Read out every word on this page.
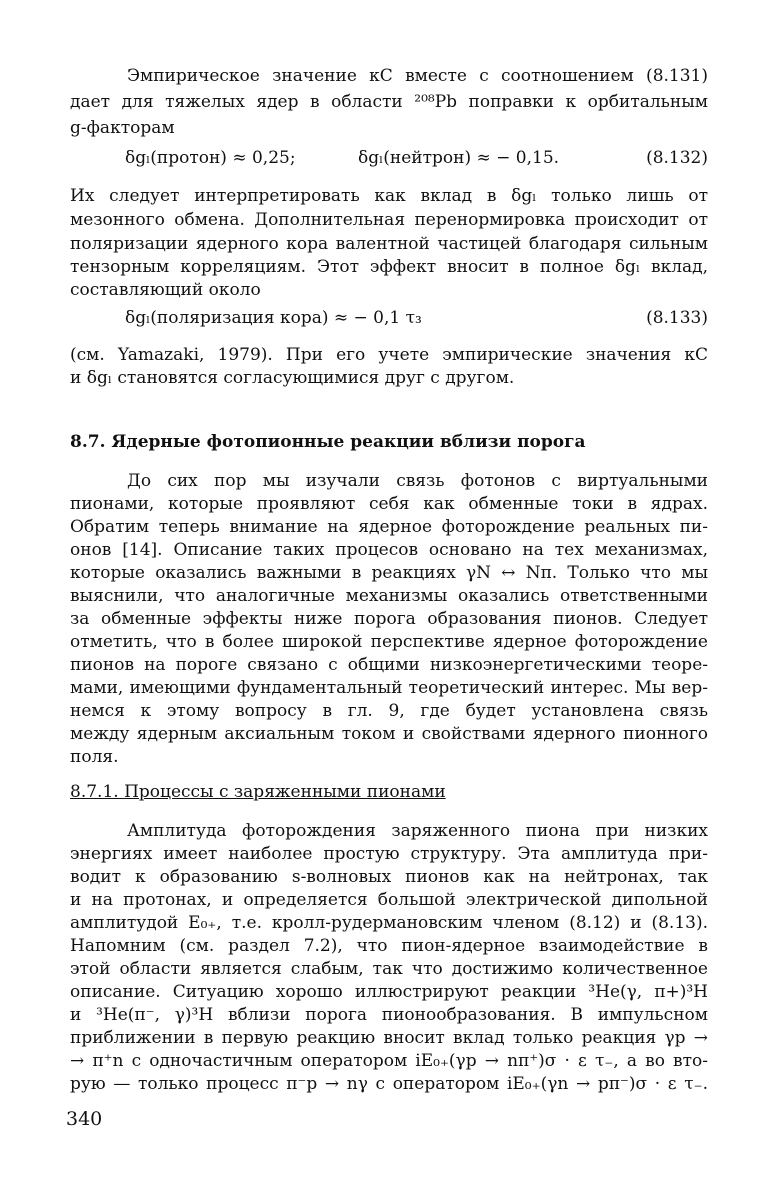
Эмпирическое значение κC вместе с соотношением (8.131)
дает для тяжелых ядер в области ²⁰⁸Pb поправки к орбитальным
g-факторам
δgₗ(протон) ≈ 0,25;	δgₗ(нейтрон) ≈ − 0,15.	(8.132)
Их следует интерпретировать как вклад в δgₗ только лишь от
мезонного обмена. Дополнительная перенормировка происходит от
поляризации ядерного кора валентной частицей благодаря сильным
тензорным корреляциям. Этот эффект вносит в полное δgₗ вклад,
составляющий около
δgₗ(поляризация кора) ≈ − 0,1 τ₃	(8.133)
(см. Yamazaki, 1979). При его учете эмпирические значения κC
и δgₗ становятся согласующимися друг с другом.
8.7. Ядерные фотопионные реакции вблизи порога
До сих пор мы изучали связь фотонов с виртуальными
пионами, которые проявляют себя как обменные токи в ядрах.
Обратим теперь внимание на ядерное фоторождение реальных пи-
онов [14]. Описание таких процесов основано на тех механизмах,
которые оказались важными в реакциях γN ↔ Nπ. Только что мы
выяснили, что аналогичные механизмы оказались ответственными
за обменные эффекты ниже порога образования пионов. Следует
отметить, что в более широкой перспективе ядерное фоторождение
пионов на пороге связано с общими низкоэнергетическими теоре-
мами, имеющими фундаментальный теоретический интерес. Мы вер-
немся к этому вопросу в гл. 9, где будет установлена связь
между ядерным аксиальным током и свойствами ядерного пионного
поля.
8.7.1. Процессы с заряженными пионами
Амплитуда фоторождения заряженного пиона при низких
энергиях имеет наиболее простую структуру. Эта амплитуда при-
водит к образованию s-волновых пионов как на нейтронах, так
и на протонах, и определяется большой электрической дипольной
амплитудой E₀₊, т.е. кролл-рудермановским членом (8.12) и (8.13).
Напомним (см. раздел 7.2), что пион-ядерное взаимодействие в
этой области является слабым, так что достижимо количественное
описание. Ситуацию хорошо иллюстрируют реакции ³He(γ, π+)³H
и ³He(π⁻, γ)³H вблизи порога пионообразования. В импульсном
приближении в первую реакцию вносит вклад только реакция γp →
→ π⁺n с одночастичным оператором iE₀₊(γp → nπ⁺)σ · ε τ₋, а во вто-
рую — только процесс π⁻p → nγ с оператором iE₀₊(γn → pπ⁻)σ · ε τ₋.
340
